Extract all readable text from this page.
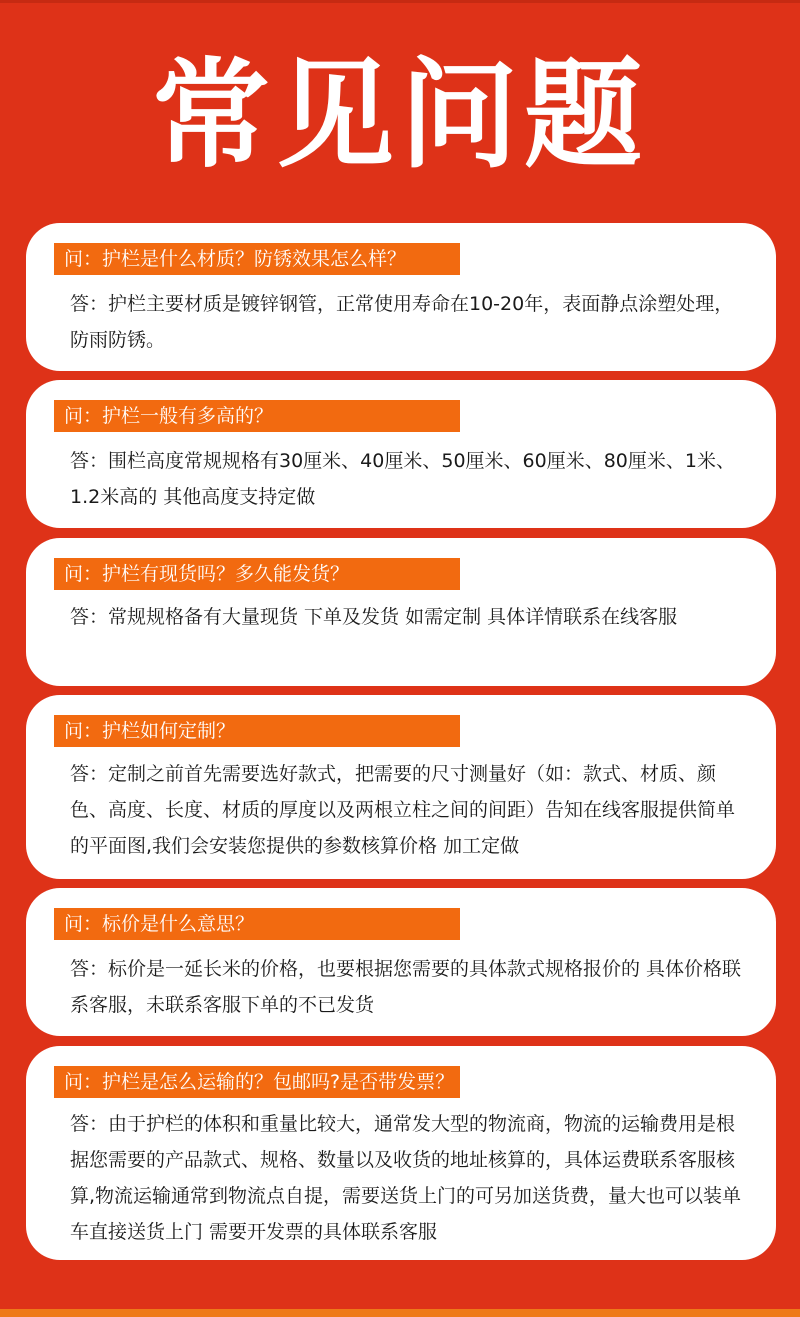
常见问题
问：护栏是什么材质？防锈效果怎么样？
答：护栏主要材质是镀锌钢管，正常使用寿命在10-20年，表面静点涂塑处理，防雨防锈。
问：护栏一般有多高的？
答：围栏高度常规规格有30厘米、40厘米、50厘米、60厘米、80厘米、1米、1.2米高的 其他高度支持定做
问：护栏有现货吗？多久能发货？
答：常规规格备有大量现货 下单及发货 如需定制 具体详情联系在线客服
问：护栏如何定制？
答：定制之前首先需要选好款式，把需要的尺寸测量好（如：款式、材质、颜色、高度、长度、材质的厚度以及两根立柱之间的间距）告知在线客服提供简单的平面图,我们会安装您提供的参数核算价格 加工定做
问：标价是什么意思？
答：标价是一延长米的价格，也要根据您需要的具体款式规格报价的 具体价格联系客服，未联系客服下单的不已发货
问：护栏是怎么运输的？包邮吗?是否带发票？
答：由于护栏的体积和重量比较大，通常发大型的物流商，物流的运输费用是根据您需要的产品款式、规格、数量以及收货的地址核算的，具体运费联系客服核算,物流运输通常到物流点自提，需要送货上门的可另加送货费，量大也可以装单车直接送货上门 需要开发票的具体联系客服
